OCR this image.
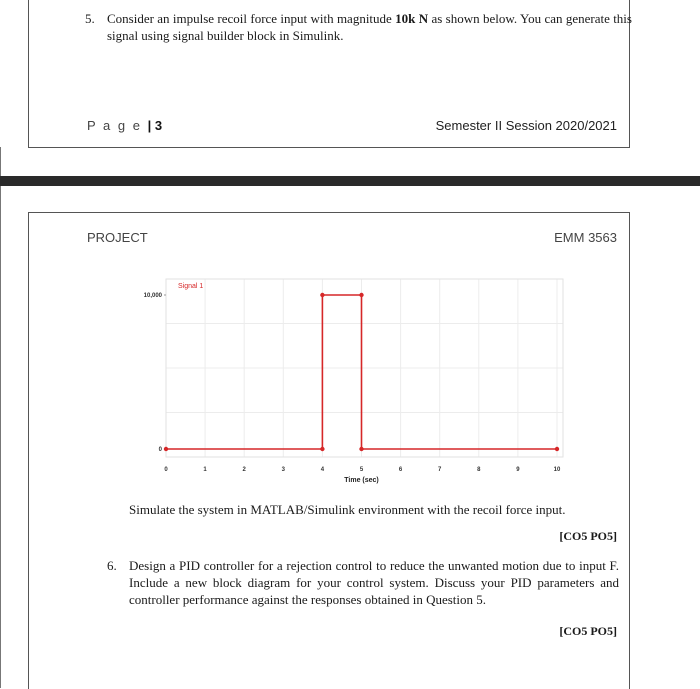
5. Consider an impulse recoil force input with magnitude 10k N as shown below. You can generate this signal using signal builder block in Simulink.
P a g e | 3	Semester II Session 2020/2021
PROJECT	EMM 3563
Signal 1
Time (sec)
0	1	2	3	4	5	6	7	8	9	10
0
10,000
Simulate the system in MATLAB/Simulink environment with the recoil force input.
[CO5 PO5]
6. Design a PID controller for a rejection control to reduce the unwanted motion due to input F. Include a new block diagram for your control system. Discuss your PID parameters and controller performance against the responses obtained in Question 5.
[CO5 PO5]
